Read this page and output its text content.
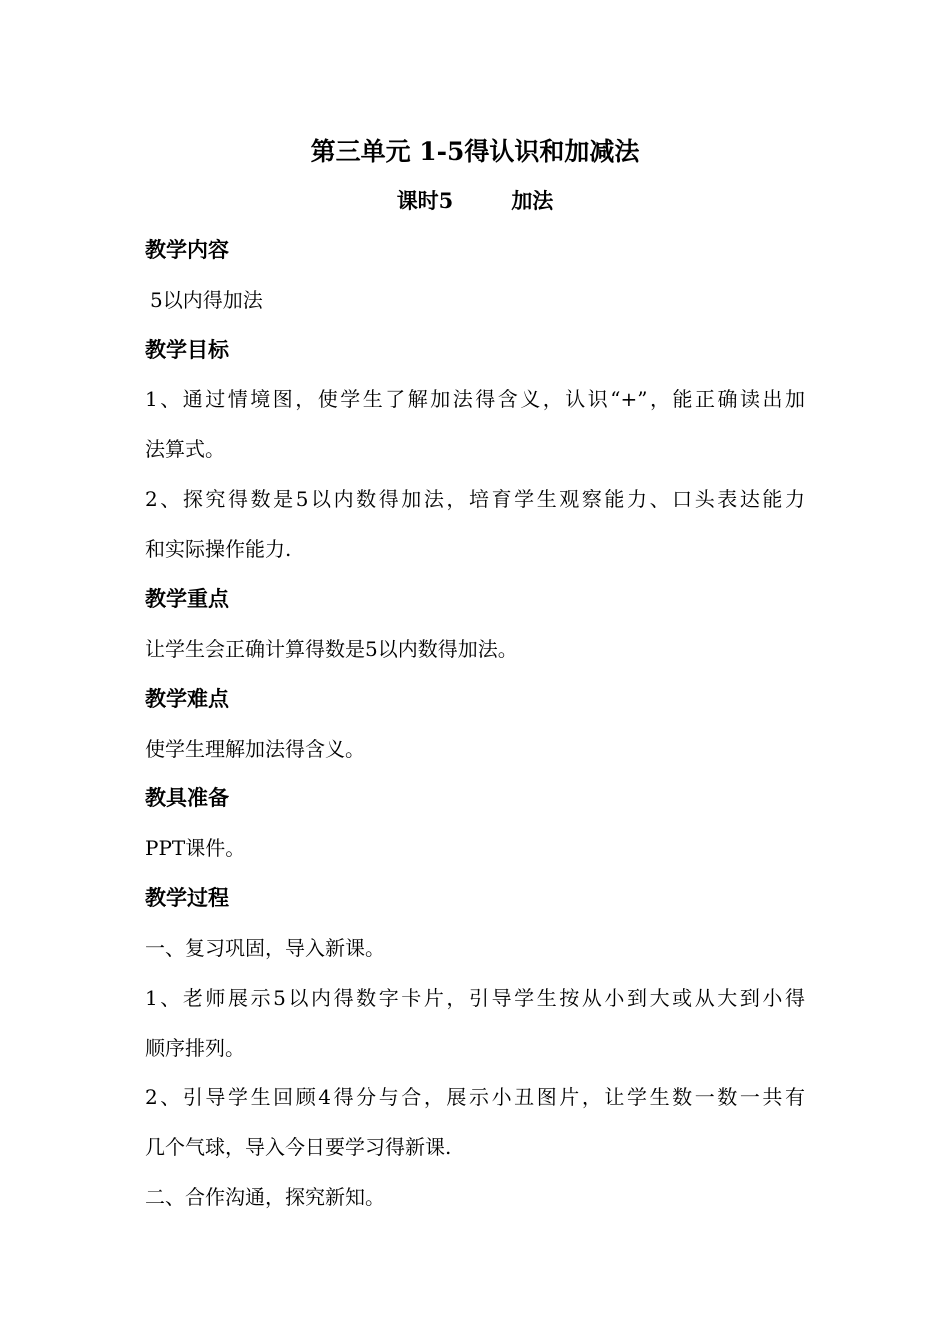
第三单元 1-5得认识和加减法
课时5	加法
教学内容
5以内得加法
教学目标
1、通过情境图，使学生了解加法得含义，认识“+”，能正确读出加
法算式。
2、探究得数是5以内数得加法，培育学生观察能力、口头表达能力
和实际操作能力.
教学重点
让学生会正确计算得数是5以内数得加法。
教学难点
使学生理解加法得含义。
教具准备
PPT课件。
教学过程
一、复习巩固，导入新课。
1、老师展示5以内得数字卡片，引导学生按从小到大或从大到小得
顺序排列。
2、引导学生回顾4得分与合，展示小丑图片，让学生数一数一共有
几个气球，导入今日要学习得新课.
二、合作沟通，探究新知。
